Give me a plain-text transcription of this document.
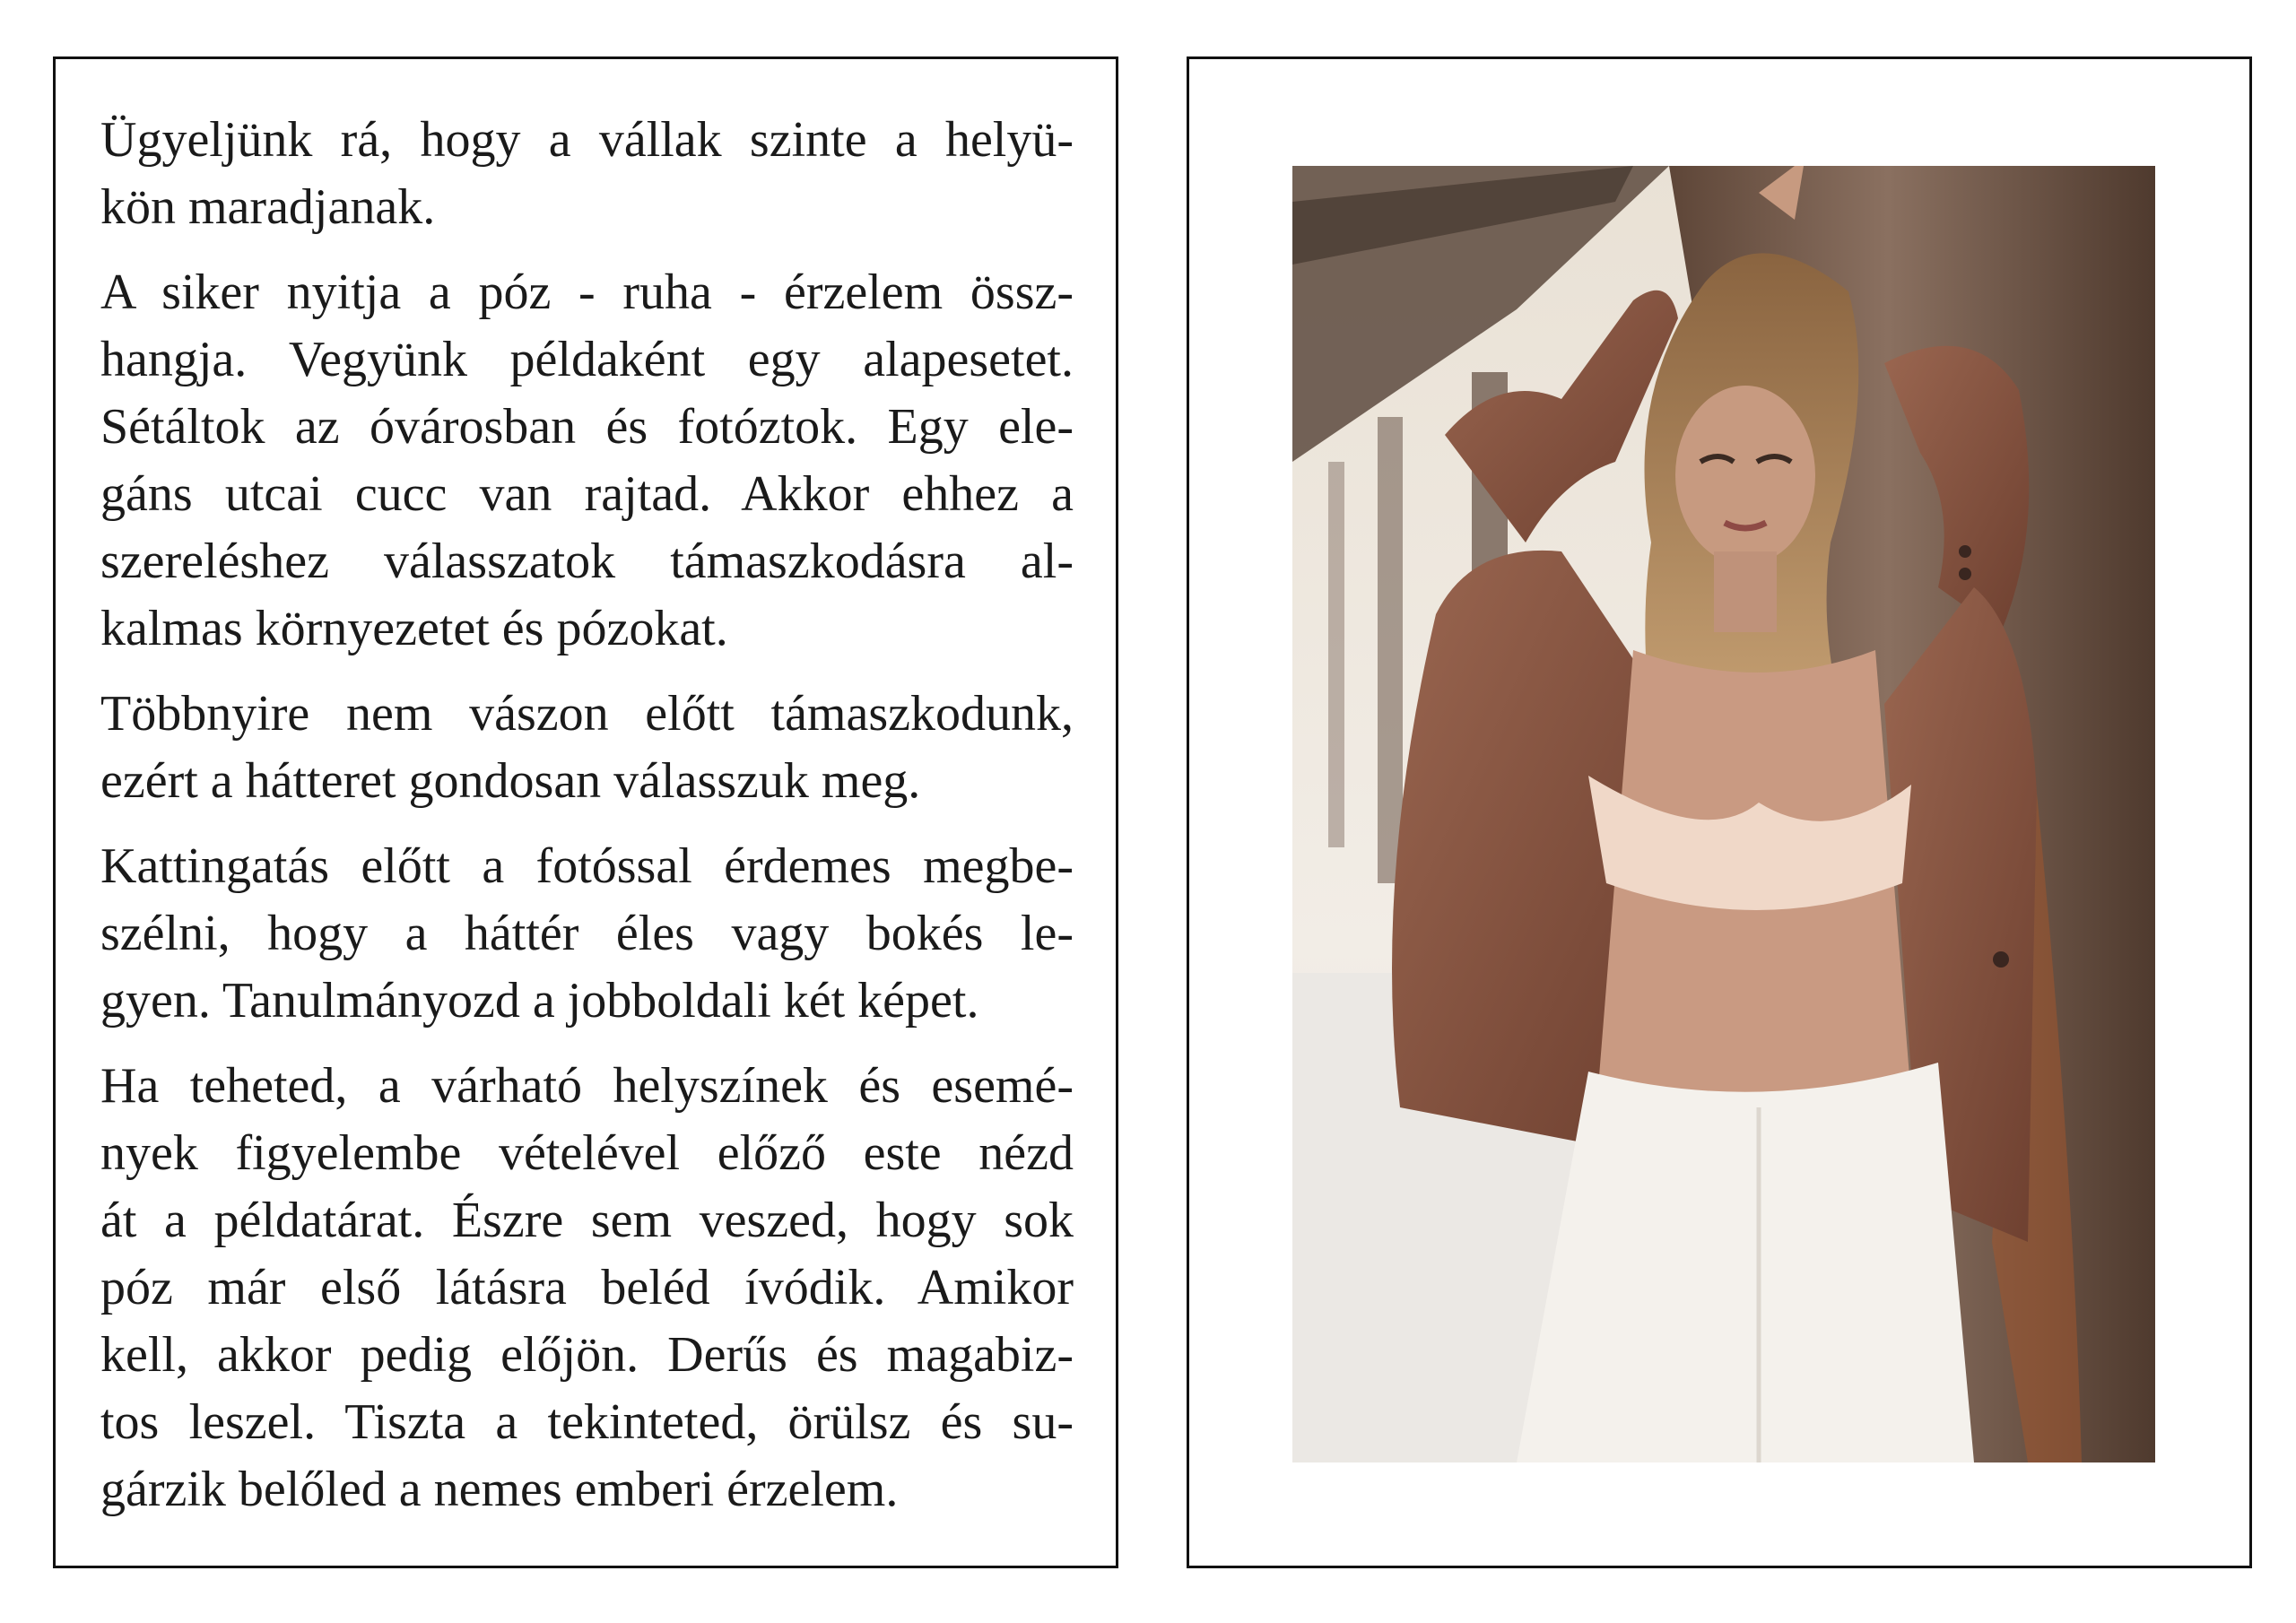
Ügyeljünk rá, hogy a vállak szinte a helyü-
kön maradjanak.

A siker nyitja a póz - ruha - érzelem össz-
hangja. Vegyünk példaként egy alapesetet.
Sétáltok az óvárosban és fotóztok. Egy ele-
gáns utcai cucc van rajtad. Akkor ehhez a
szereléshez válasszatok támaszkodásra al-
kalmas környezetet és pózokat.

Többnyire nem vászon előtt támaszkodunk,
ezért a hátteret gondosan válasszuk meg.

Kattingatás előtt a fotóssal érdemes megbe-
szélni, hogy a háttér éles vagy bokés le-
gyen. Tanulmányozd a jobboldali két képet.

Ha teheted, a várható helyszínek és esemé-
nyek figyelembe vételével előző este nézd
át a példatárat. Észre sem veszed, hogy sok
póz már első látásra beléd ívódik. Amikor
kell, akkor pedig előjön. Derűs és magabiz-
tos leszel. Tiszta a tekinteted, örülsz és su-
gárzik belőled a nemes emberi érzelem.
